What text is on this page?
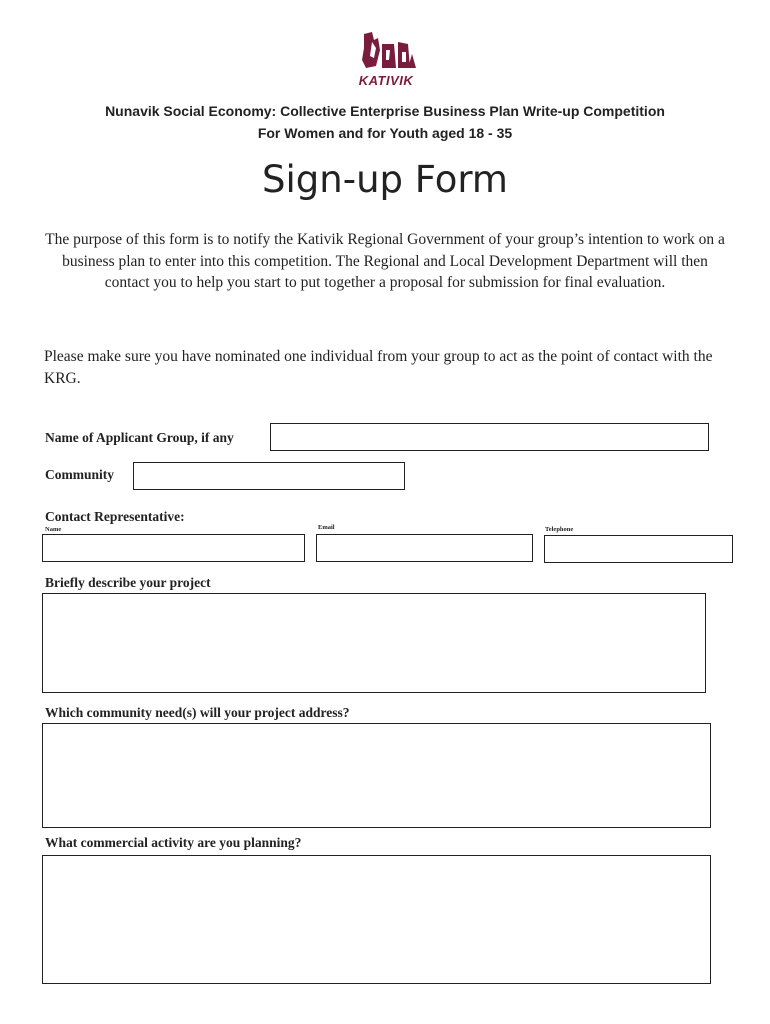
KATIVIK
Nunavik Social Economy: Collective Enterprise Business Plan Write-up Competition
For Women and for Youth aged 18 - 35
Sign-up Form
The purpose of this form is to notify the Kativik Regional Government of your group’s intention to work on a business plan to enter into this competition. The Regional and Local Development Department will then contact you to help you start to put together a proposal for submission for final evaluation.
Please make sure you have nominated one individual from your group to act as the point of contact with the KRG.
Name of Applicant Group, if any
Community
Contact Representative:
Name	Email	Telephone
Briefly describe your project
Which community need(s) will your project address?
What commercial activity are you planning?
